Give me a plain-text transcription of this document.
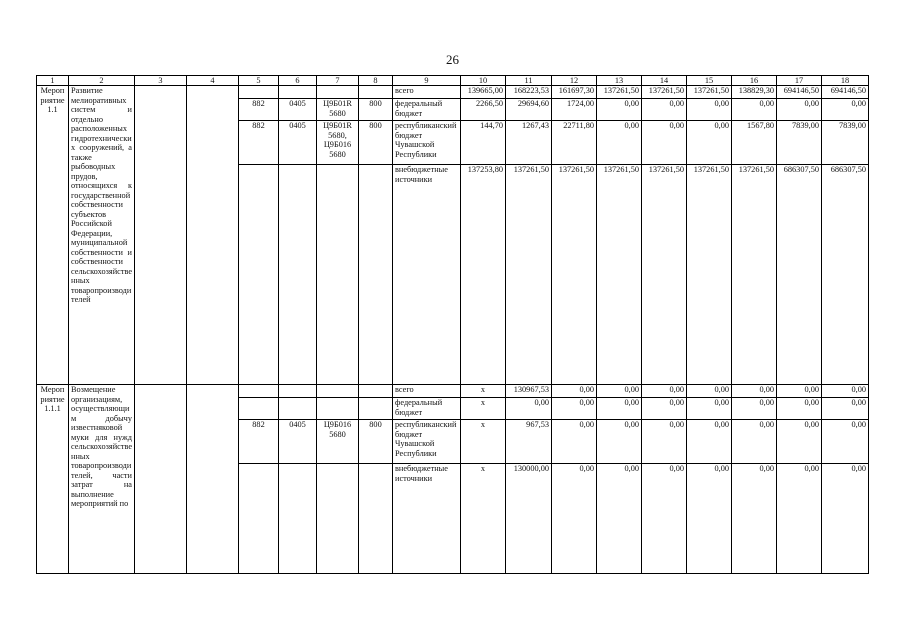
26
1	2	3	4	5	6	7	8	9	10	11	12	13	14	15	16	17	18
Мероприятие 1.1	Развитие мелиоративных систем и отдельно расположенных гидротехнических сооружений, а также рыбоводных прудов, относящихся к государственной собственности субъектов Российской Федерации, муниципальной собственности и собственности сельскохозяйственных товаропроизводителей							всего	139665,00	168223,53	161697,30	137261,50	137261,50	137261,50	138829,30	694146,50	694146,50
				882	0405	Ц9Б01R 5680	800	федеральный бюджет	2266,50	29694,60	1724,00	0,00	0,00	0,00	0,00	0,00	0,00
				882	0405	Ц9Б01R 5680, Ц9Б016 5680	800	республиканский бюджет Чувашской Республики	144,70	1267,43	22711,80	0,00	0,00	0,00	1567,80	7839,00	7839,00
								внебюджетные источники	137253,80	137261,50	137261,50	137261,50	137261,50	137261,50	137261,50	686307,50	686307,50
Мероприятие 1.1.1	Возмещение организациям, осуществляющим добычу известняковой муки для нужд сельскохозяйственных товаропроизводителей, части затрат на выполнение мероприятий по							всего	x	130967,53	0,00	0,00	0,00	0,00	0,00	0,00	0,00
								федеральный бюджет	x	0,00	0,00	0,00	0,00	0,00	0,00	0,00	0,00
				882	0405	Ц9Б016 5680	800	республиканский бюджет Чувашской Республики	x	967,53	0,00	0,00	0,00	0,00	0,00	0,00	0,00
								внебюджетные источники	x	130000,00	0,00	0,00	0,00	0,00	0,00	0,00	0,00
